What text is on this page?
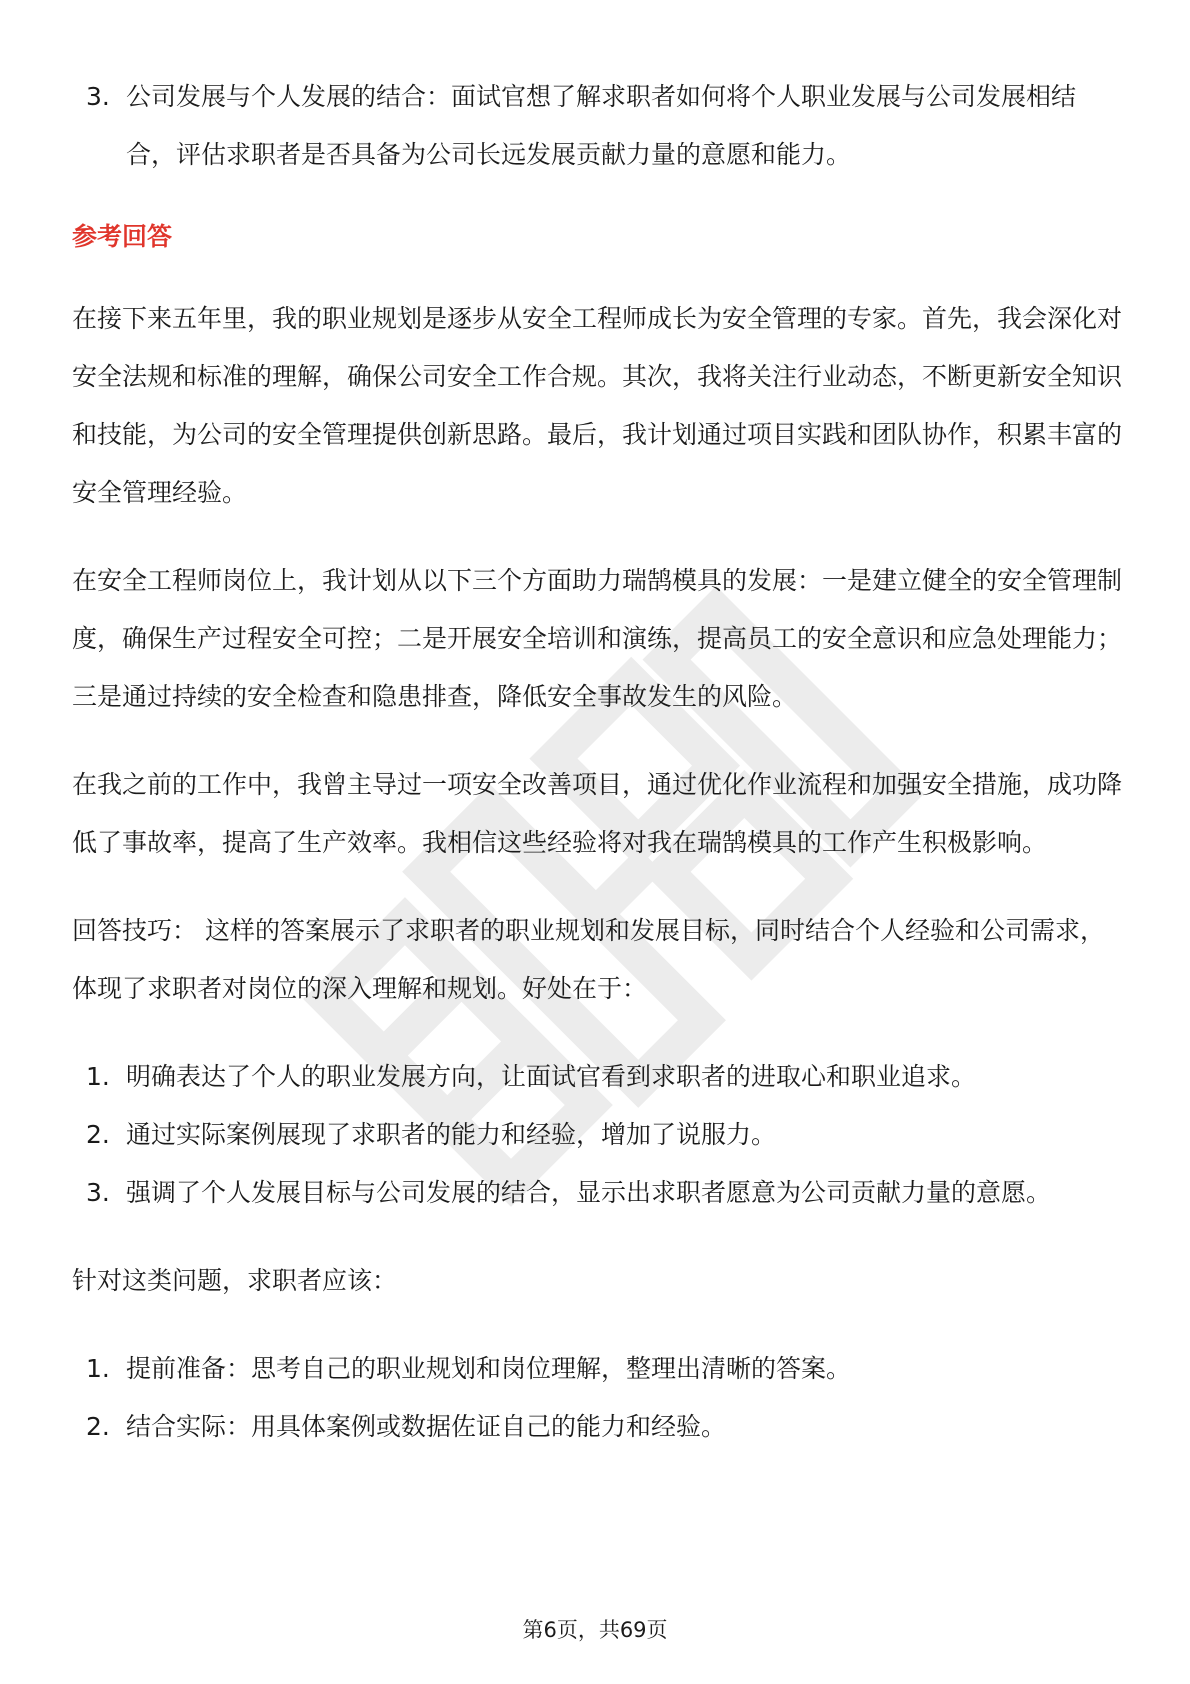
3. 公司发展与个人发展的结合：面试官想了解求职者如何将个人职业发展与公司发展相结合，评估求职者是否具备为公司长远发展贡献力量的意愿和能力。
参考回答

在接下来五年里，我的职业规划是逐步从安全工程师成长为安全管理的专家。首先，我会深化对安全法规和标准的理解，确保公司安全工作合规。其次，我将关注行业动态，不断更新安全知识和技能，为公司的安全管理提供创新思路。最后，我计划通过项目实践和团队协作，积累丰富的安全管理经验。

在安全工程师岗位上，我计划从以下三个方面助力瑞鹄模具的发展：一是建立健全的安全管理制度，确保生产过程安全可控；二是开展安全培训和演练，提高员工的安全意识和应急处理能力；三是通过持续的安全检查和隐患排查，降低安全事故发生的风险。

在我之前的工作中，我曾主导过一项安全改善项目，通过优化作业流程和加强安全措施，成功降低了事故率，提高了生产效率。我相信这些经验将对我在瑞鹄模具的工作产生积极影响。

回答技巧： 这样的答案展示了求职者的职业规划和发展目标，同时结合个人经验和公司需求，体现了求职者对岗位的深入理解和规划。好处在于：

1. 明确表达了个人的职业发展方向，让面试官看到求职者的进取心和职业追求。
2. 通过实际案例展现了求职者的能力和经验，增加了说服力。
3. 强调了个人发展目标与公司发展的结合，显示出求职者愿意为公司贡献力量的意愿。

针对这类问题，求职者应该：

1. 提前准备：思考自己的职业规划和岗位理解，整理出清晰的答案。
2. 结合实际：用具体案例或数据佐证自己的能力和经验。
第6页，共69页
